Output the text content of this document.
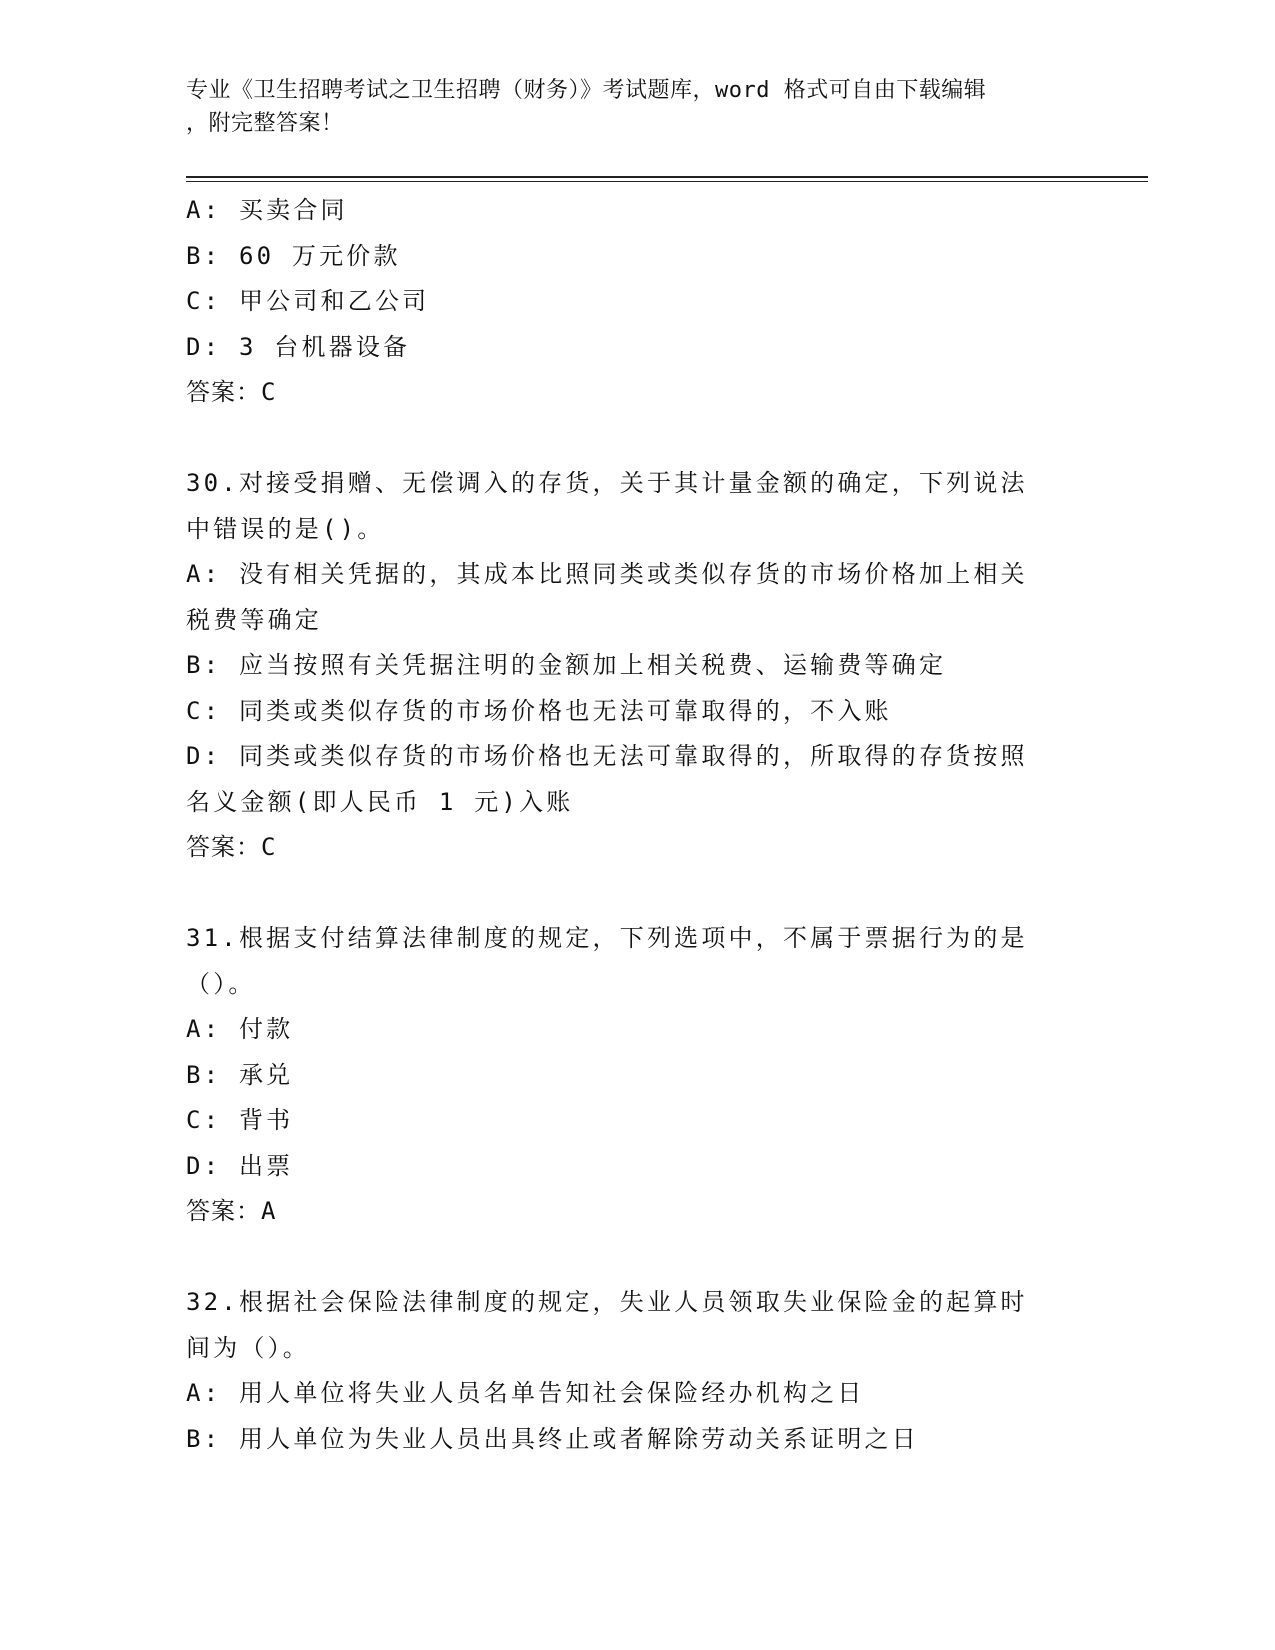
专业《卫生招聘考试之卫生招聘（财务）》考试题库，word 格式可自由下载编辑
，附完整答案！
A: 买卖合同
B: 60 万元价款
C: 甲公司和乙公司
D: 3 台机器设备
答案：C
30.对接受捐赠、无偿调入的存货，关于其计量金额的确定，下列说法
中错误的是()。
A: 没有相关凭据的，其成本比照同类或类似存货的市场价格加上相关
税费等确定
B: 应当按照有关凭据注明的金额加上相关税费、运输费等确定
C: 同类或类似存货的市场价格也无法可靠取得的，不入账
D: 同类或类似存货的市场价格也无法可靠取得的，所取得的存货按照
名义金额(即人民币 1 元)入账
答案：C
31.根据支付结算法律制度的规定，下列选项中，不属于票据行为的是
（）。
A: 付款
B: 承兑
C: 背书
D: 出票
答案：A
32.根据社会保险法律制度的规定，失业人员领取失业保险金的起算时
间为（）。
A: 用人单位将失业人员名单告知社会保险经办机构之日
B: 用人单位为失业人员出具终止或者解除劳动关系证明之日
